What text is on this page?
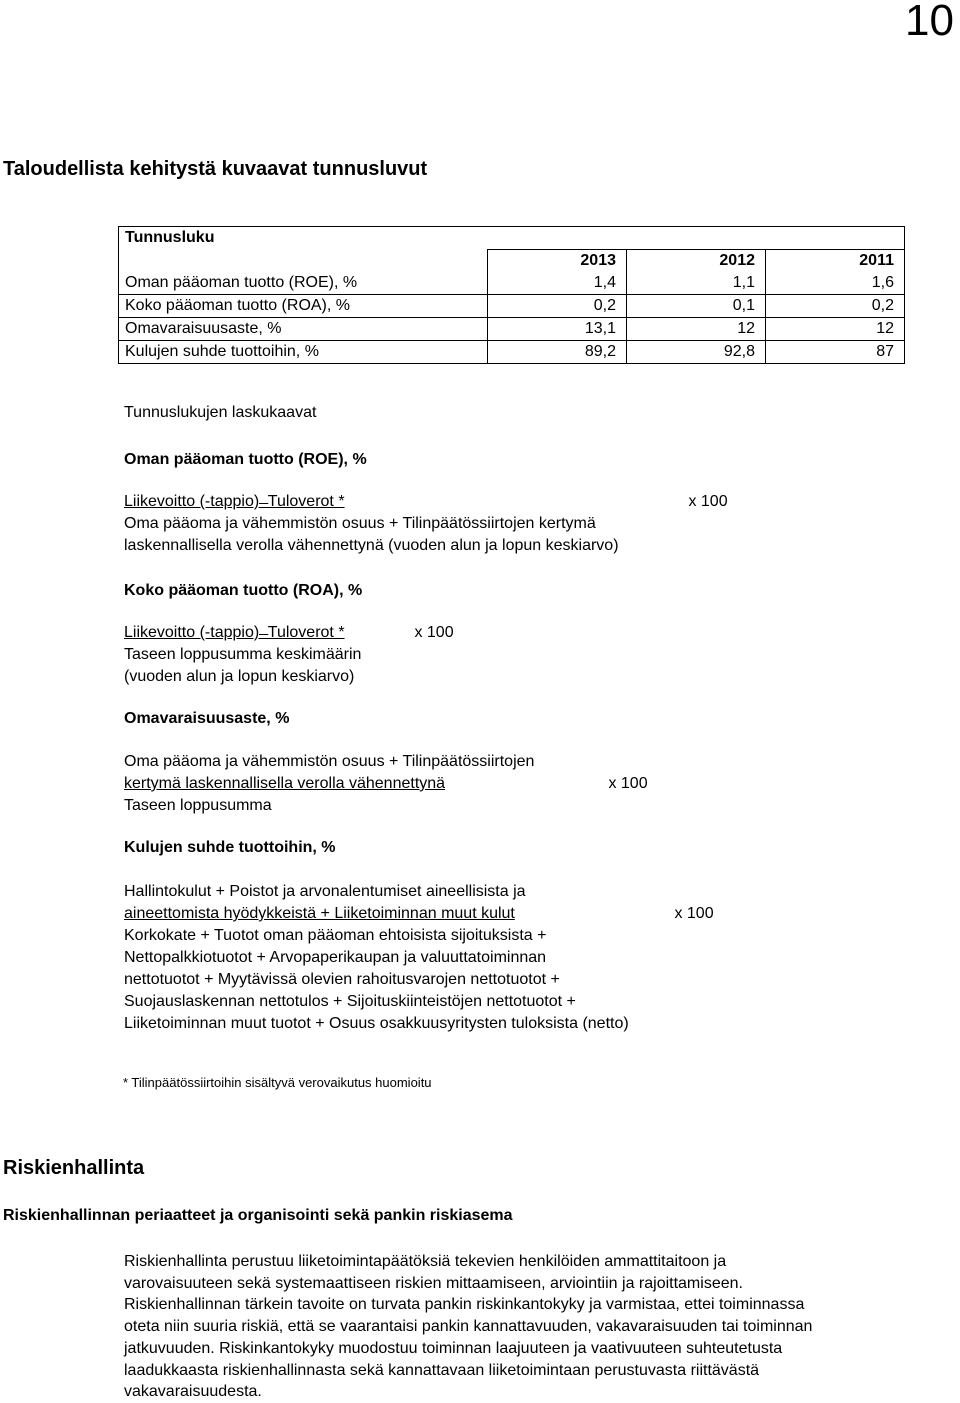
10
Taloudellista kehitystä kuvaavat tunnusluvut
Tunnusluku			
	2013	2012	2011
Oman pääoman tuotto (ROE), %	1,4	1,1	1,6
Koko pääoman tuotto (ROA), %	0,2	0,1	0,2
Omavaraisuusaste, %	13,1	12	12
Kulujen suhde tuottoihin, %	89,2	92,8	87
Tunnuslukujen laskukaavat
Oman pääoman tuotto (ROE), %
Liikevoitto (-tappio) ̶ Tuloverot *	x 100
Oma pääoma ja vähemmistön osuus + Tilinpäätössiirtojen kertymä
laskennallisella verolla vähennettynä (vuoden alun ja lopun keskiarvo)
Koko pääoman tuotto (ROA), %
Liikevoitto (-tappio) ̶ Tuloverot *	x 100
Taseen loppusumma keskimäärin
(vuoden alun ja lopun keskiarvo)
Omavaraisuusaste, %
Oma pääoma ja vähemmistön osuus + Tilinpäätössiirtojen
kertymä laskennallisella verolla vähennettynä	x 100
Taseen loppusumma
Kulujen suhde tuottoihin, %
Hallintokulut + Poistot ja arvonalentumiset aineellisista ja
aineettomista hyödykkeistä + Liiketoiminnan muut kulut	x 100
Korkokate + Tuotot oman pääoman ehtoisista sijoituksista +
Nettopalkkiotuotot + Arvopaperikaupan ja valuuttatoiminnan
nettotuotot + Myytävissä olevien rahoitusvarojen nettotuotot +
Suojauslaskennan nettotulos + Sijoituskiinteistöjen nettotuotot +
Liiketoiminnan muut tuotot + Osuus osakkuusyritysten tuloksista (netto)
* Tilinpäätössiirtoihin sisältyvä verovaikutus huomioitu
Riskienhallinta
Riskienhallinnan periaatteet ja organisointi sekä pankin riskiasema
Riskienhallinta perustuu liiketoimintapäätöksiä tekevien henkilöiden ammattitaitoon ja
varovaisuuteen sekä systemaattiseen riskien mittaamiseen, arviointiin ja rajoittamiseen.
Riskienhallinnan tärkein tavoite on turvata pankin riskinkantokyky ja varmistaa, ettei toiminnassa
oteta niin suuria riskiä, että se vaarantaisi pankin kannattavuuden, vakavaraisuuden tai toiminnan
jatkuvuuden. Riskinkantokyky muodostuu toiminnan laajuuteen ja vaativuuteen suhteutetusta
laadukkaasta riskienhallinnasta sekä kannattavaan liiketoimintaan perustuvasta riittävästä
vakavaraisuudesta.
